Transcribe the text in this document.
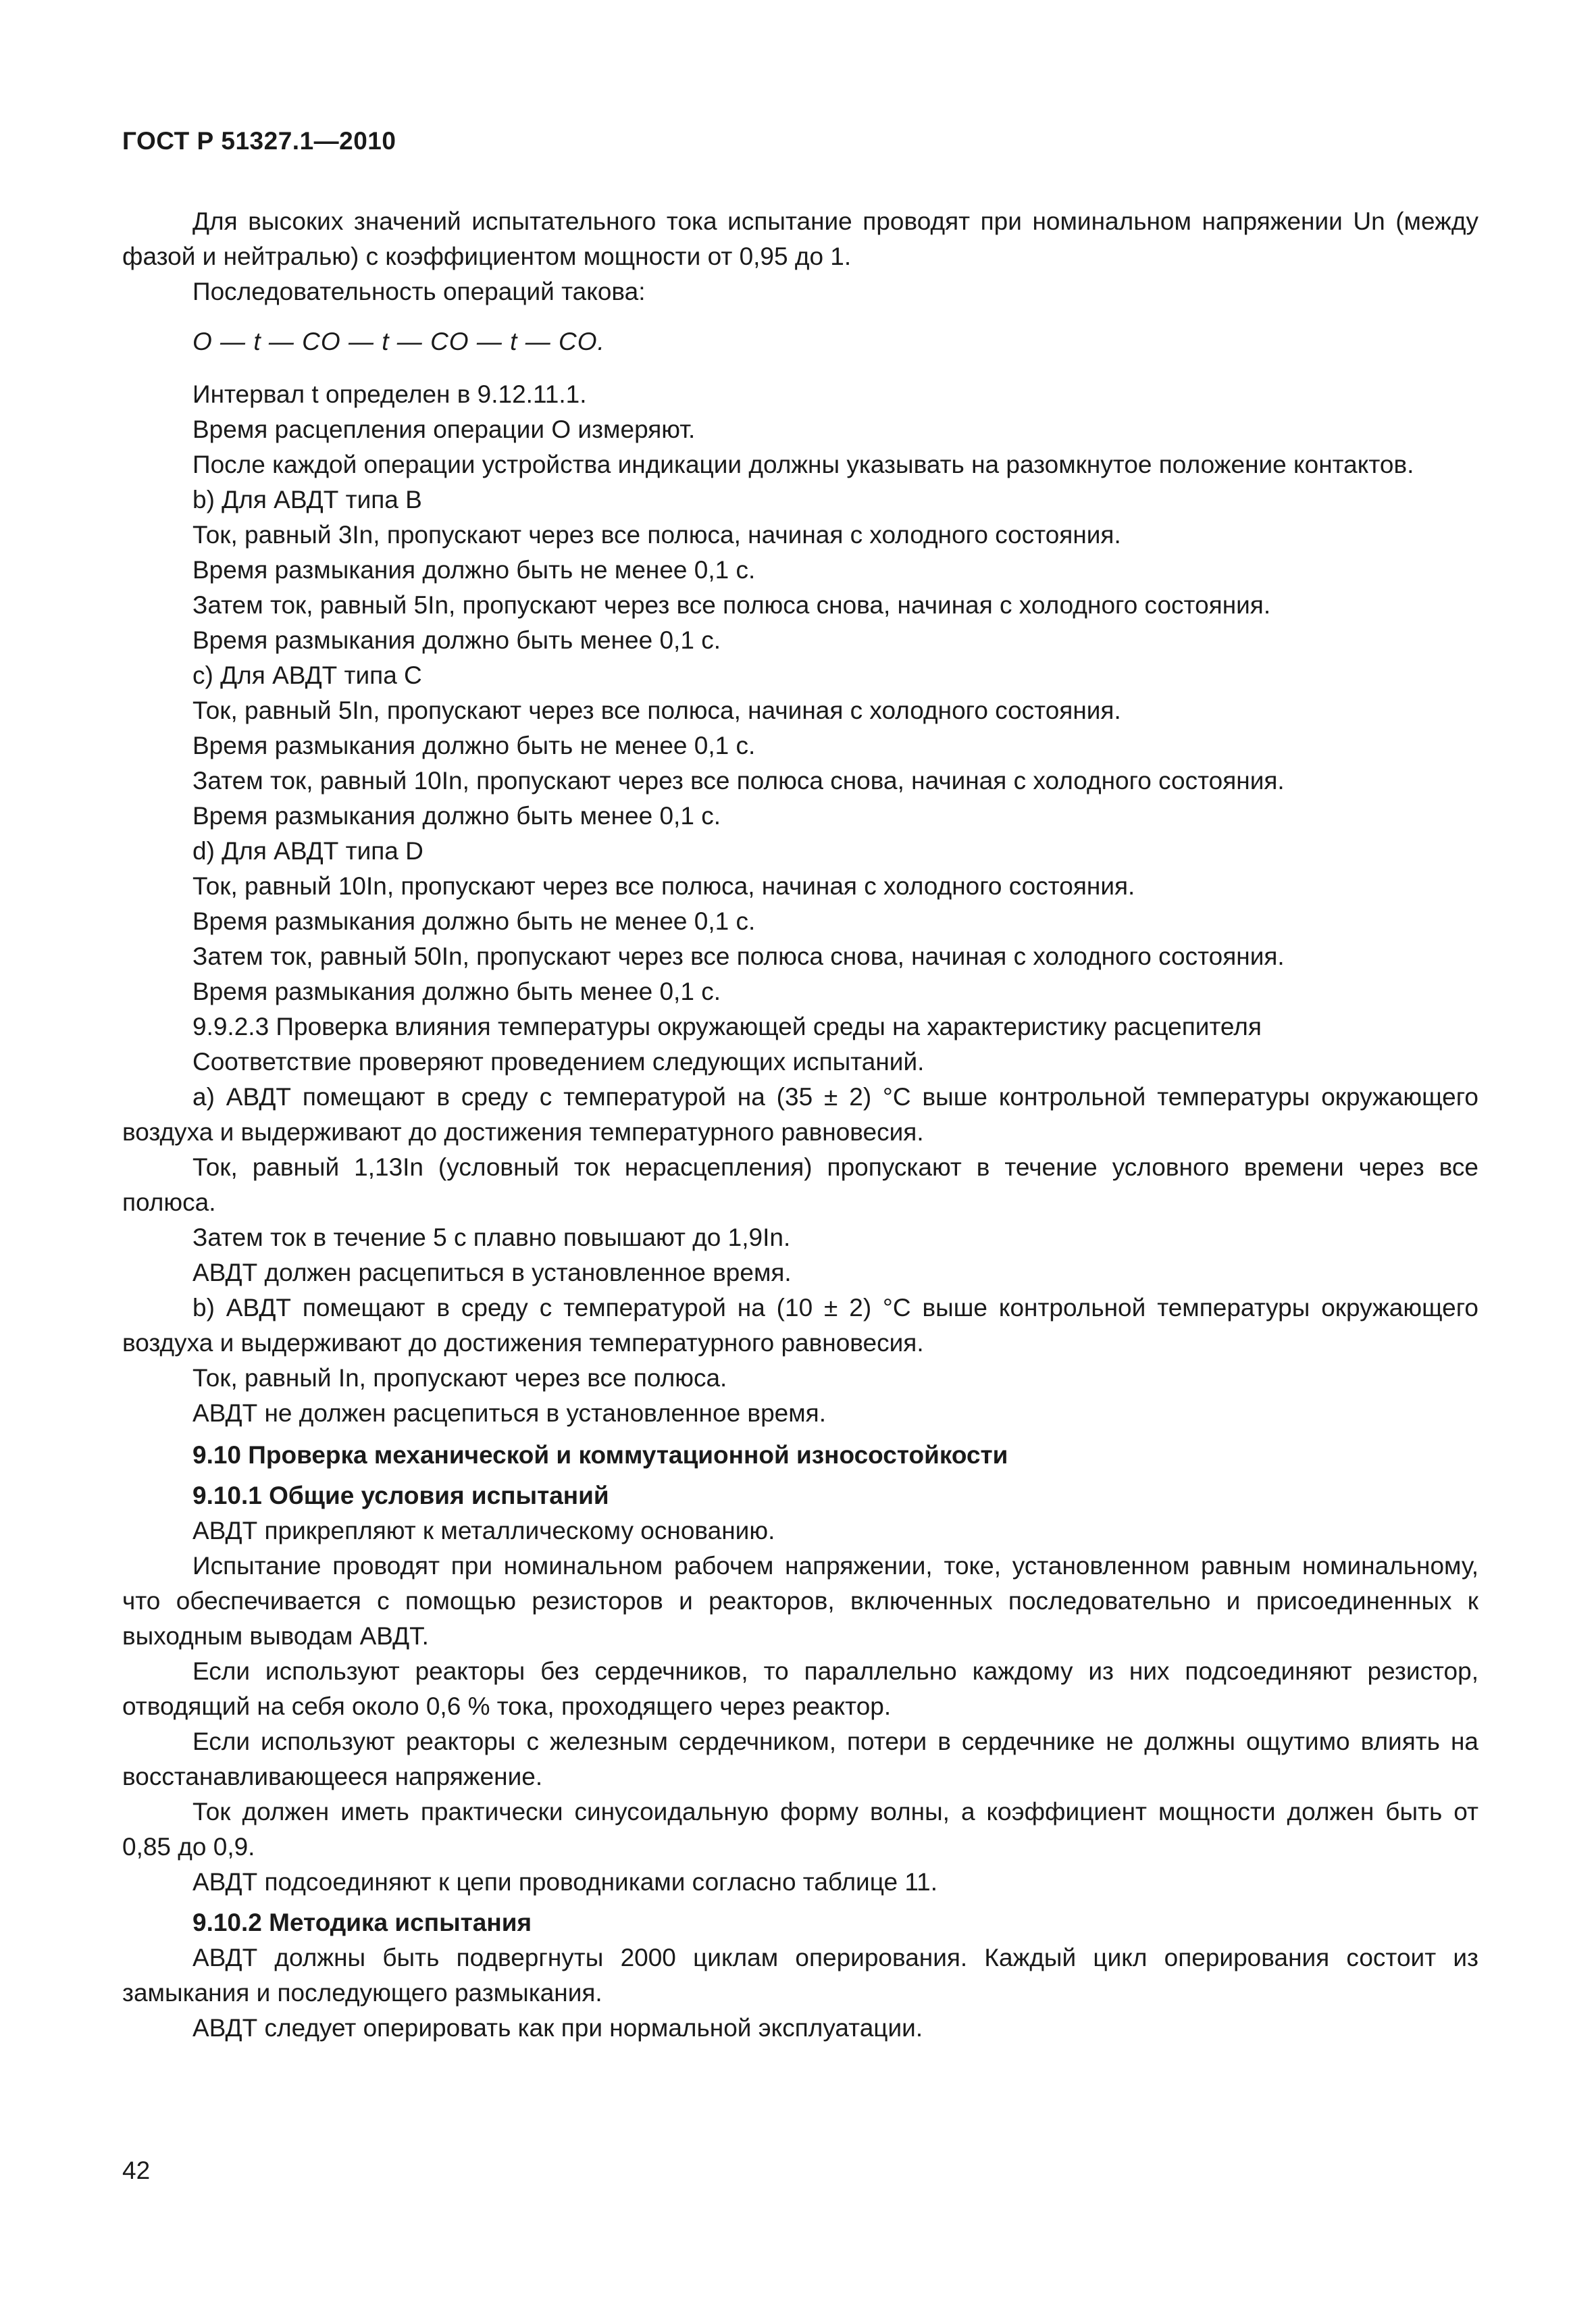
ГОСТ Р 51327.1—2010

Для высоких значений испытательного тока испытание проводят при номинальном напряжении Un (между фазой и нейтралью) с коэффициентом мощности от 0,95 до 1.

Последовательность операций такова:

O — t — CO — t — CO — t — CO.

Интервал t определен в 9.12.11.1.

Время расцепления операции O измеряют.

После каждой операции устройства индикации должны указывать на разомкнутое положение контактов.

b) Для АВДТ типа В

Ток, равный 3In, пропускают через все полюса, начиная с холодного состояния.

Время размыкания должно быть не менее 0,1 с.

Затем ток, равный 5In, пропускают через все полюса снова, начиная с холодного состояния.

Время размыкания должно быть менее 0,1 с.

c) Для АВДТ типа С

Ток, равный 5In, пропускают через все полюса, начиная с холодного состояния.

Время размыкания должно быть не менее 0,1 с.

Затем ток, равный 10In, пропускают через все полюса снова, начиная с холодного состояния.

Время размыкания должно быть менее 0,1 с.

d) Для АВДТ типа D

Ток, равный 10In, пропускают через все полюса, начиная с холодного состояния.

Время размыкания должно быть не менее 0,1 с.

Затем ток, равный 50In, пропускают через все полюса снова, начиная с холодного состояния.

Время размыкания должно быть менее 0,1 с.

9.9.2.3 Проверка влияния температуры окружающей среды на характеристику расцепителя

Соответствие проверяют проведением следующих испытаний.

a) АВДТ помещают в среду с температурой на (35 ± 2) °С выше контрольной температуры окружающего воздуха и выдерживают до достижения температурного равновесия.

Ток, равный 1,13In (условный ток нерасцепления) пропускают в течение условного времени через все полюса.

Затем ток в течение 5 с плавно повышают до 1,9In.

АВДТ должен расцепиться в установленное время.

b) АВДТ помещают в среду с температурой на (10 ± 2) °С выше контрольной температуры окружающего воздуха и выдерживают до достижения температурного равновесия.

Ток, равный In, пропускают через все полюса.

АВДТ не должен расцепиться в установленное время.

9.10 Проверка механической и коммутационной износостойкости

9.10.1 Общие условия испытаний

АВДТ прикрепляют к металлическому основанию.

Испытание проводят при номинальном рабочем напряжении, токе, установленном равным номинальному, что обеспечивается с помощью резисторов и реакторов, включенных последовательно и присоединенных к выходным выводам АВДТ.

Если используют реакторы без сердечников, то параллельно каждому из них подсоединяют резистор, отводящий на себя около 0,6 % тока, проходящего через реактор.

Если используют реакторы с железным сердечником, потери в сердечнике не должны ощутимо влиять на восстанавливающееся напряжение.

Ток должен иметь практически синусоидальную форму волны, а коэффициент мощности должен быть от 0,85 до 0,9.

АВДТ подсоединяют к цепи проводниками согласно таблице 11.

9.10.2 Методика испытания

АВДТ должны быть подвергнуты 2000 циклам оперирования. Каждый цикл оперирования состоит из замыкания и последующего размыкания.

АВДТ следует оперировать как при нормальной эксплуатации.

42
